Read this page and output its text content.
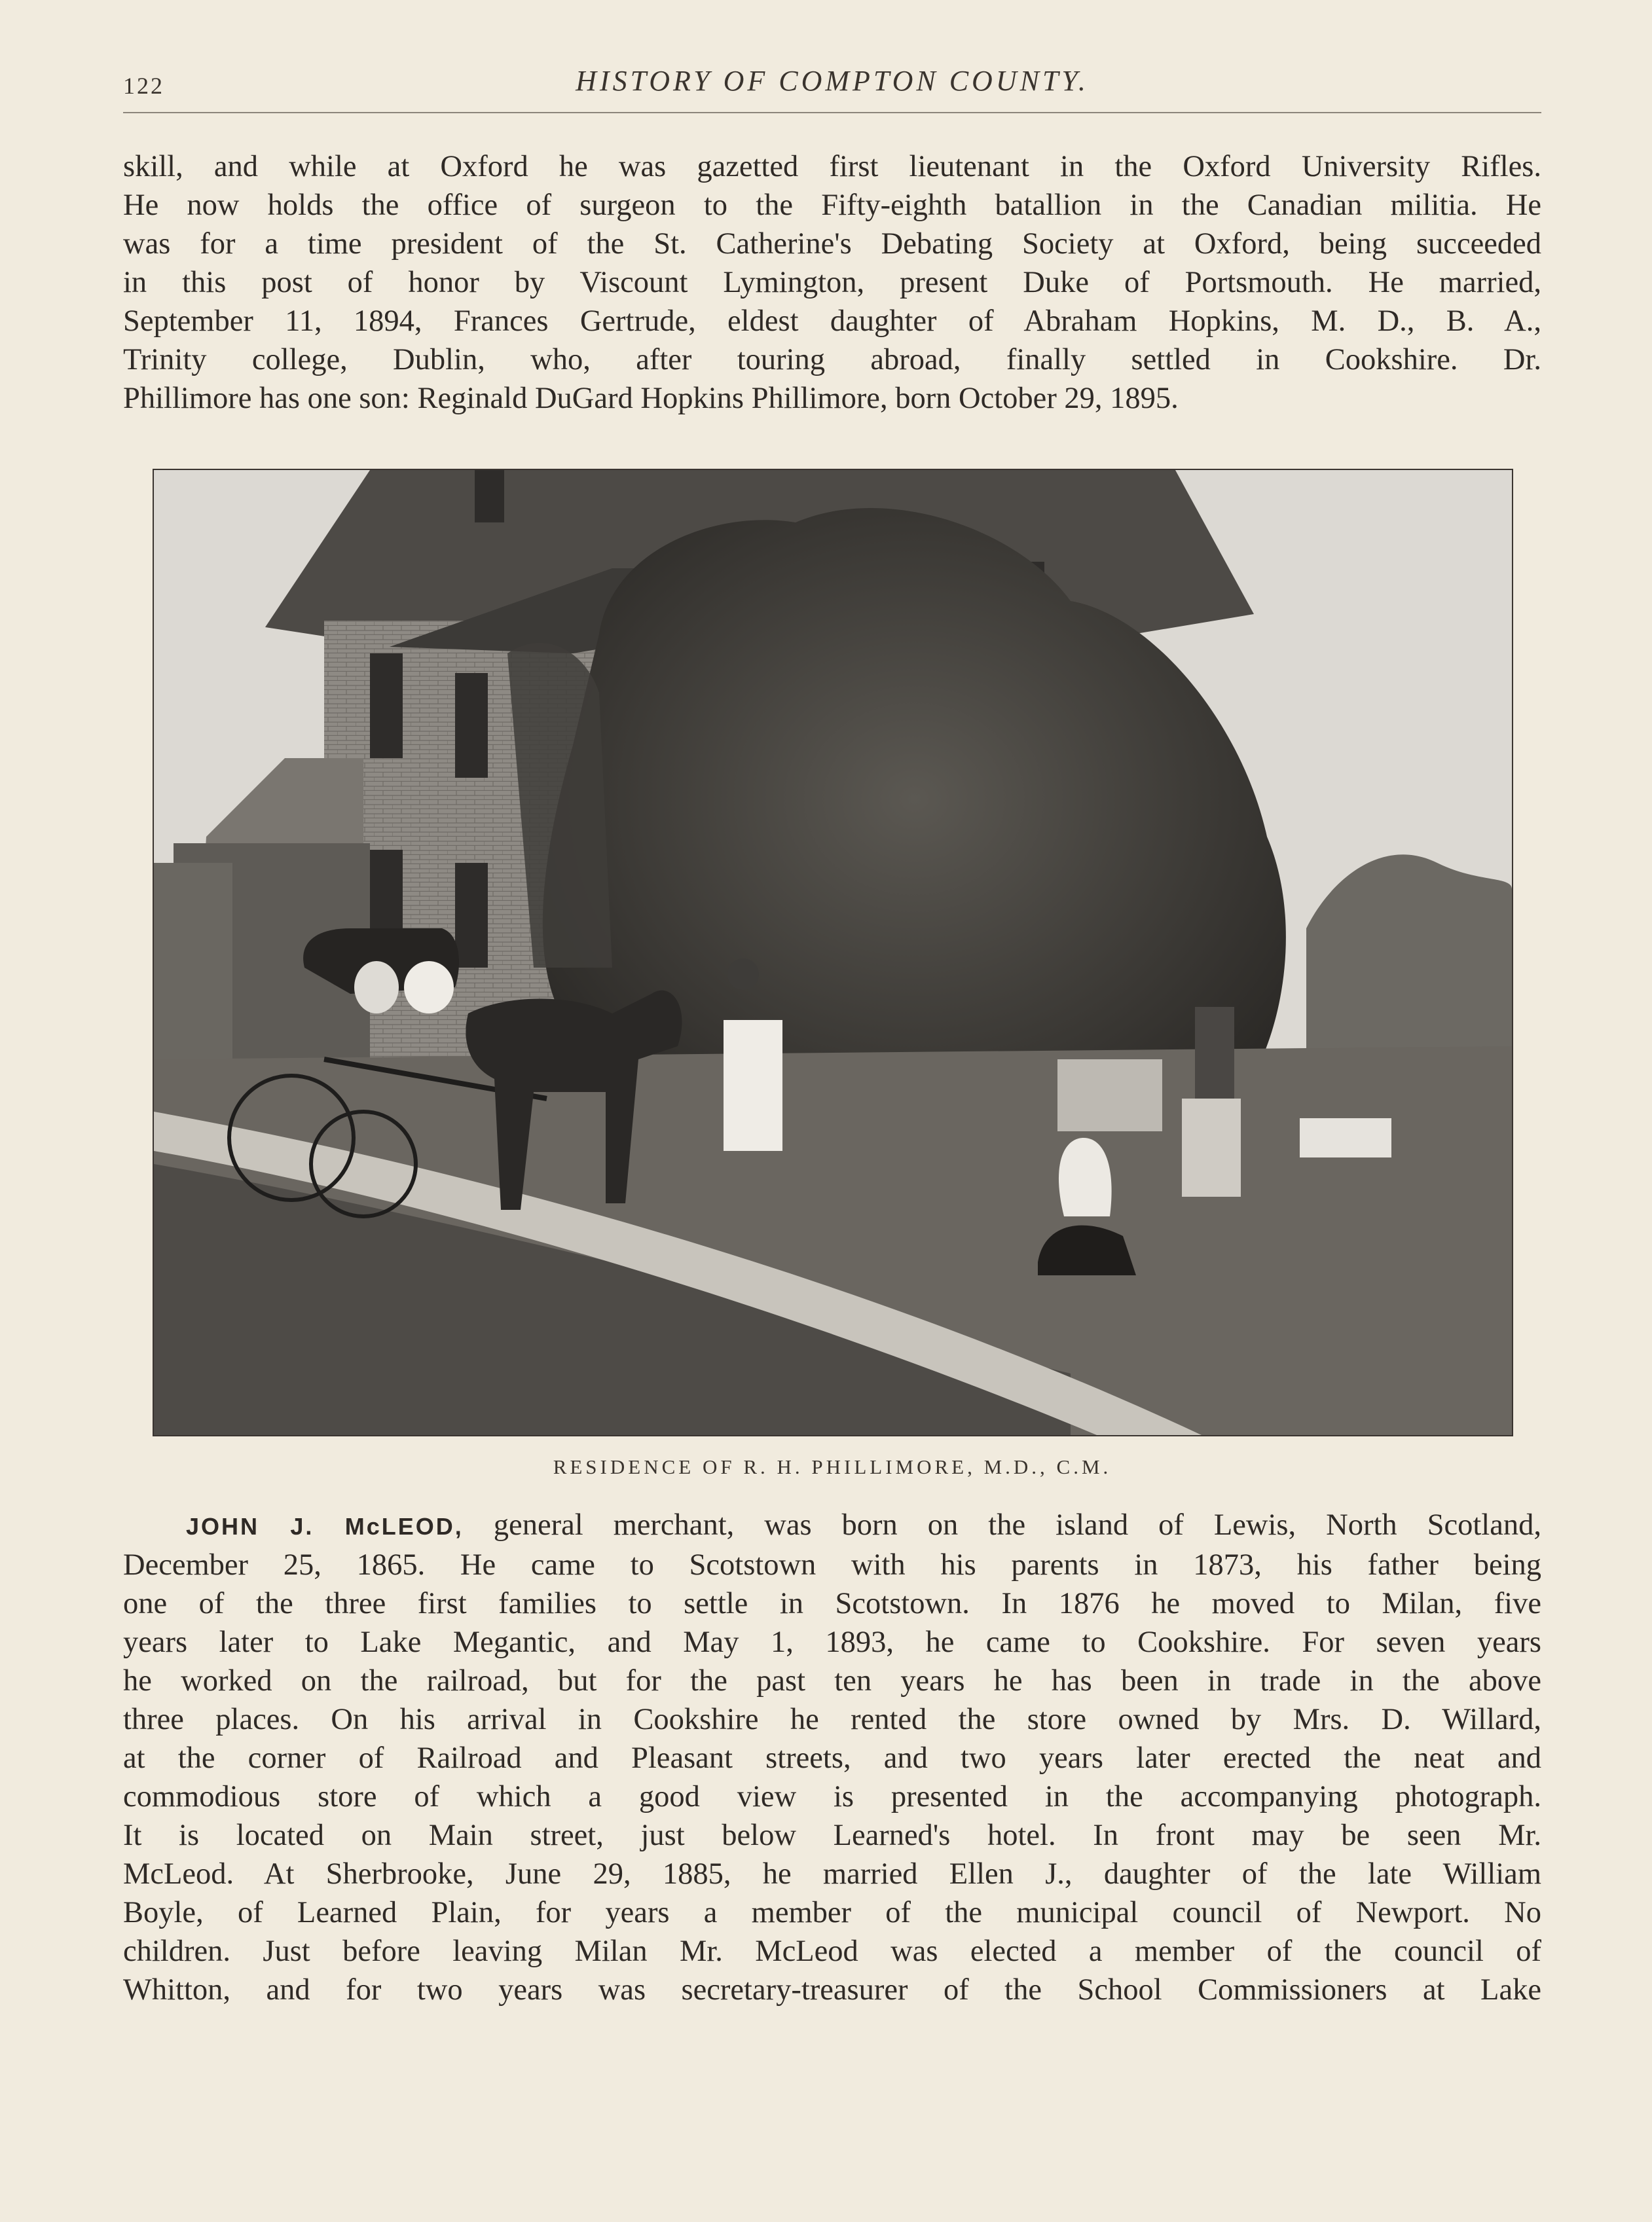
122	HISTORY OF COMPTON COUNTY.
skill, and while at Oxford he was gazetted first lieutenant in the Oxford University Rifles.
He now holds the office of surgeon to the Fifty-eighth batallion in the Canadian militia. He
was for a time president of the St. Catherine's Debating Society at Oxford, being succeeded
in this post of honor by Viscount Lymington, present Duke of Portsmouth. He married,
September 11, 1894, Frances Gertrude, eldest daughter of Abraham Hopkins, M. D., B. A.,
Trinity college, Dublin, who, after touring abroad, finally settled in Cookshire. Dr.
Phillimore has one son: Reginald DuGard Hopkins Phillimore, born October 29, 1895.
RESIDENCE OF R. H. PHILLIMORE, M.D., C.M.
JOHN J. McLEOD, general merchant, was born on the island of Lewis, North Scotland,
December 25, 1865. He came to Scotstown with his parents in 1873, his father being
one of the three first families to settle in Scotstown. In 1876 he moved to Milan, five
years later to Lake Megantic, and May 1, 1893, he came to Cookshire. For seven years
he worked on the railroad, but for the past ten years he has been in trade in the above
three places. On his arrival in Cookshire he rented the store owned by Mrs. D. Willard,
at the corner of Railroad and Pleasant streets, and two years later erected the neat and
commodious store of which a good view is presented in the accompanying photograph.
It is located on Main street, just below Learned's hotel. In front may be seen Mr.
McLeod. At Sherbrooke, June 29, 1885, he married Ellen J., daughter of the late William
Boyle, of Learned Plain, for years a member of the municipal council of Newport. No
children. Just before leaving Milan Mr. McLeod was elected a member of the council of
Whitton, and for two years was secretary-treasurer of the School Commissioners at Lake
